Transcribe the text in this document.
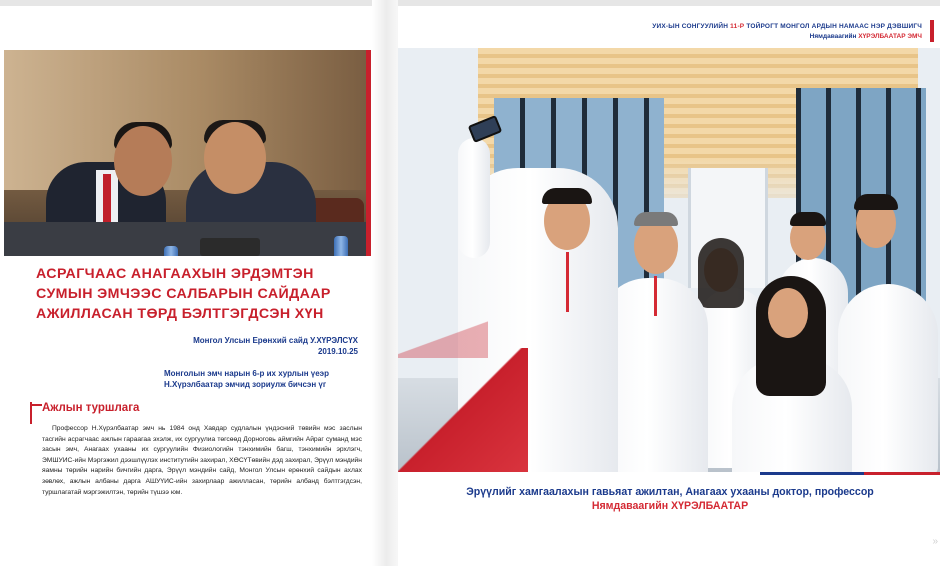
УИХ-ЫН СОНГУУЛИЙН 11-Р ТОЙРОГТ МОНГОЛ АРДЫН НАМААС НЭР ДЭВШИГЧ
Нямдаваагийн ХҮРЭЛБААТАР ЭМЧ
АСРАГЧААС АНАГААХЫН ЭРДЭМТЭН СУМЫН ЭМЧЭЭС САЛБАРЫН САЙДААР АЖИЛЛАСАН ТӨРД БЭЛТГЭГДСЭН ХҮН
Монгол Улсын Ерөнхий сайд У.ХҮРЭЛСҮХ
2019.10.25
Монголын эмч нарын 6-р их хурлын үеэр Н.Хүрэлбаатар эмчид зориулж бичсэн үг
Ажлын туршлага
Профессор Н.Хүрэлбаатар эмч нь 1984 онд Хавдар судлалын үндэсний төвийн мэс заслын тасгийн асрагчаас ажлын гараагаа эхэлж, их сургуулиа төгсөөд Дорноговь аймгийн Айраг суманд мэс засын эмч, Анагаах ухааны их сургуулийн Физиологийн тэнхимийн багш, тэнхимийн эрхлэгч, ЭМШУИС-ийн Мэргэжил дээшлүүлэх институтийн захирал, ХӨСҮТөвийн дэд захирал, Эрүүл мэндийн яамны төрийн нарийн бичгийн дарга, Эрүүл мэндийн сайд, Монгол Улсын ерөнхий сайдын ахлах зөвлөх, ажлын албаны дарга АШУҮИС-ийн захирлаар ажилласан, төрийн албанд бэлтгэгдсэн, туршлагатай мэргэжилтэн, төрийн түшээ юм.	Эрүүлийг хамгаалахын гавьяат ажилтан, Анагаах ухааны доктор, профессор
Нямдаваагийн ХҮРЭЛБААТАР
»
